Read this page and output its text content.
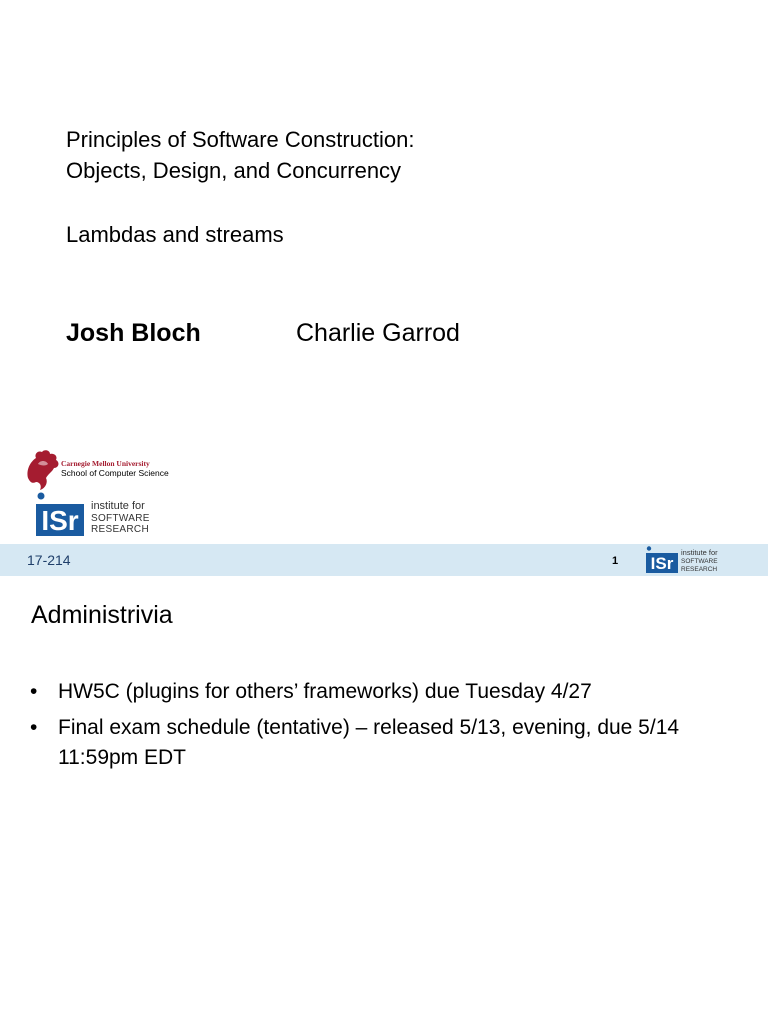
Principles of Software Construction:
Objects, Design, and Concurrency
Lambdas and streams
Josh Bloch	Charlie Garrod
Carnegie Mellon University
School of Computer Science
ISr institute for
SOFTWARE
RESEARCH
17-214	1 ISr
institute for
SOFTWARE
RESEARCH
Administrivia
• HW5C (plugins for others’ frameworks) due Tuesday 4/27
• Final exam schedule (tentative) – released 5/13, evening, due 5/14 11:59pm EDT
